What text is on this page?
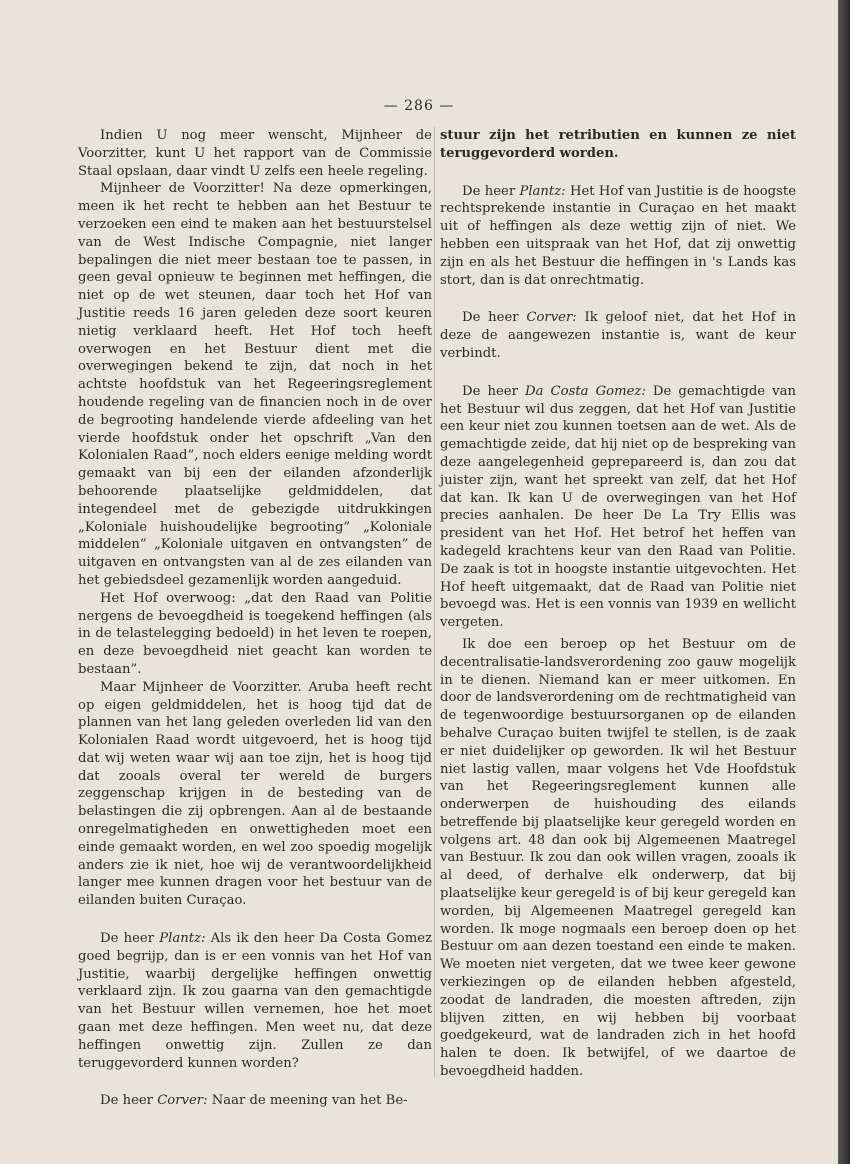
— 286 —

Indien U nog meer wenscht, Mijnheer de Voorzitter, kunt U het rapport van de Commissie Staal opslaan, daar vindt U zelfs een heele regeling.

Mijnheer de Voorzitter! Na deze opmerkingen, meen ik het recht te hebben aan het Bestuur te verzoeken een eind te maken aan het bestuurstelsel van de West Indische Compagnie, niet langer bepalingen die niet meer bestaan toe te passen, in geen geval opnieuw te beginnen met heffingen, die niet op de wet steunen, daar toch het Hof van Justitie reeds 16 jaren geleden deze soort keuren nietig verklaard heeft. Het Hof toch heeft overwogen en het Bestuur dient met die overwegingen bekend te zijn, dat noch in het achtste hoofdstuk van het Regeeringsreglement houdende regeling van de financien noch in de over de begrooting handelende vierde afdeeling van het vierde hoofdstuk onder het opschrift „Van den Kolonialen Raad”, noch elders eenige melding wordt gemaakt van bij een der eilanden afzonderlijk behoorende plaatselijke geldmiddelen, dat integendeel met de gebezigde uitdrukkingen „Koloniale huishoudelijke begrooting” „Koloniale middelen” „Koloniale uitgaven en ontvangsten” de uitgaven en ontvangsten van al de zes eilanden van het gebiedsdeel gezamenlijk worden aangeduid.

Het Hof overwoog: „dat den Raad van Politie nergens de bevoegdheid is toegekend heffingen (als in de telastelegging bedoeld) in het leven te roepen, en deze bevoegdheid niet geacht kan worden te bestaan”.

Maar Mijnheer de Voorzitter. Aruba heeft recht op eigen geldmiddelen, het is hoog tijd dat de plannen van het lang geleden overleden lid van den Kolonialen Raad wordt uitgevoerd, het is hoog tijd dat wij weten waar wij aan toe zijn, het is hoog tijd dat zooals overal ter wereld de burgers zeggenschap krijgen in de besteding van de belastingen die zij opbrengen. Aan al de bestaande onregelmatigheden en onwettigheden moet een einde gemaakt worden, en wel zoo spoedig mogelijk anders zie ik niet, hoe wij de verantwoordelijkheid langer mee kunnen dragen voor het bestuur van de eilanden buiten Curaçao.

De heer Plantz: Als ik den heer Da Costa Gomez goed begrijp, dan is er een vonnis van het Hof van Justitie, waarbij dergelijke heffingen onwettig verklaard zijn. Ik zou gaarna van den gemachtigde van het Bestuur willen vernemen, hoe het moet gaan met deze heffingen. Men weet nu, dat deze heffingen onwettig zijn. Zullen ze dan teruggevorderd kunnen worden?

De heer Corver: Naar de meening van het Be-

stuur zijn het retributien en kunnen ze niet teruggevorderd worden.

De heer Plantz: Het Hof van Justitie is de hoogste rechtsprekende instantie in Curaçao en het maakt uit of heffingen als deze wettig zijn of niet. We hebben een uitspraak van het Hof, dat zij onwettig zijn en als het Bestuur die heffingen in 's Lands kas stort, dan is dat onrechtmatig.

De heer Corver: Ik geloof niet, dat het Hof in deze de aangewezen instantie is, want de keur verbindt.

De heer Da Costa Gomez: De gemachtigde van het Bestuur wil dus zeggen, dat het Hof van Justitie een keur niet zou kunnen toetsen aan de wet. Als de gemachtigde zeide, dat hij niet op de bespreking van deze aangelegenheid geprepareerd is, dan zou dat juister zijn, want het spreekt van zelf, dat het Hof dat kan. Ik kan U de overwegingen van het Hof precies aanhalen. De heer De La Try Ellis was president van het Hof. Het betrof het heffen van kadegeld krachtens keur van den Raad van Politie. De zaak is tot in hoogste instantie uitgevochten. Het Hof heeft uitgemaakt, dat de Raad van Politie niet bevoegd was. Het is een vonnis van 1939 en wellicht vergeten.

Ik doe een beroep op het Bestuur om de decentralisatie-landsverordening zoo gauw mogelijk in te dienen. Niemand kan er meer uitkomen. En door de landsverordening om de rechtmatigheid van de tegenwoordige bestuursorganen op de eilanden behalve Curaçao buiten twijfel te stellen, is de zaak er niet duidelijker op geworden. Ik wil het Bestuur niet lastig vallen, maar volgens het Vde Hoofdstuk van het Regeeringsreglement kunnen alle onderwerpen de huishouding des eilands betreffende bij plaatselijke keur geregeld worden en volgens art. 48 dan ook bij Algemeenen Maatregel van Bestuur. Ik zou dan ook willen vragen, zooals ik al deed, of derhalve elk onderwerp, dat bij plaatselijke keur geregeld is of bij keur geregeld kan worden, bij Algemeenen Maatregel geregeld kan worden. Ik moge nogmaals een beroep doen op het Bestuur om aan dezen toestand een einde te maken. We moeten niet vergeten, dat we twee keer gewone verkiezingen op de eilanden hebben afgesteld, zoodat de landraden, die moesten aftreden, zijn blijven zitten, en wij hebben bij voorbaat goedgekeurd, wat de landraden zich in het hoofd halen te doen. Ik betwijfel, of we daartoe de bevoegdheid hadden.
